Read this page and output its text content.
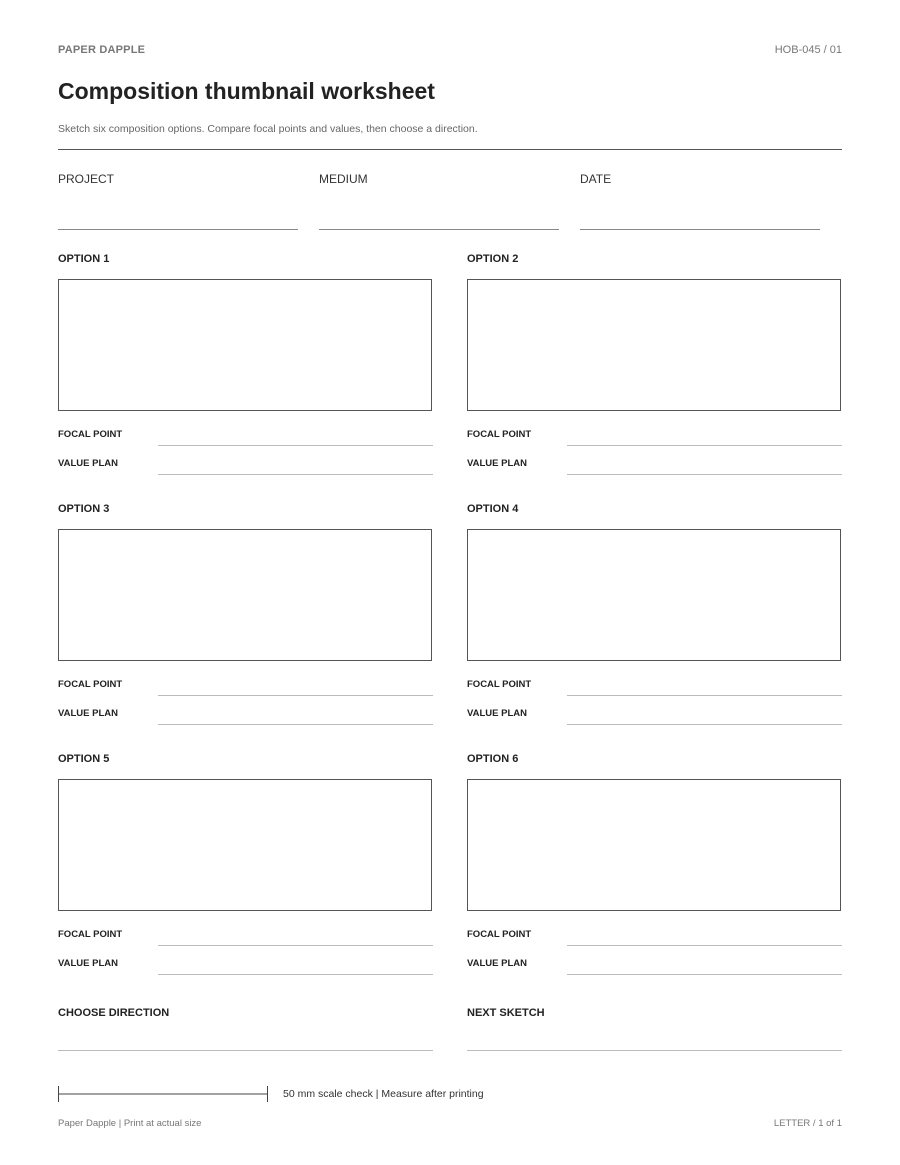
PAPER DAPPLE	HOB-045 / 01
Composition thumbnail worksheet
Sketch six composition options. Compare focal points and values, then choose a direction.
PROJECT	MEDIUM	DATE
OPTION 1
FOCAL POINT
VALUE PLAN
OPTION 2
FOCAL POINT
VALUE PLAN
OPTION 3
FOCAL POINT
VALUE PLAN
OPTION 4
FOCAL POINT
VALUE PLAN
OPTION 5
FOCAL POINT
VALUE PLAN
OPTION 6
FOCAL POINT
VALUE PLAN
CHOOSE DIRECTION	NEXT SKETCH
50 mm scale check | Measure after printing
Paper Dapple | Print at actual size	LETTER / 1 of 1
